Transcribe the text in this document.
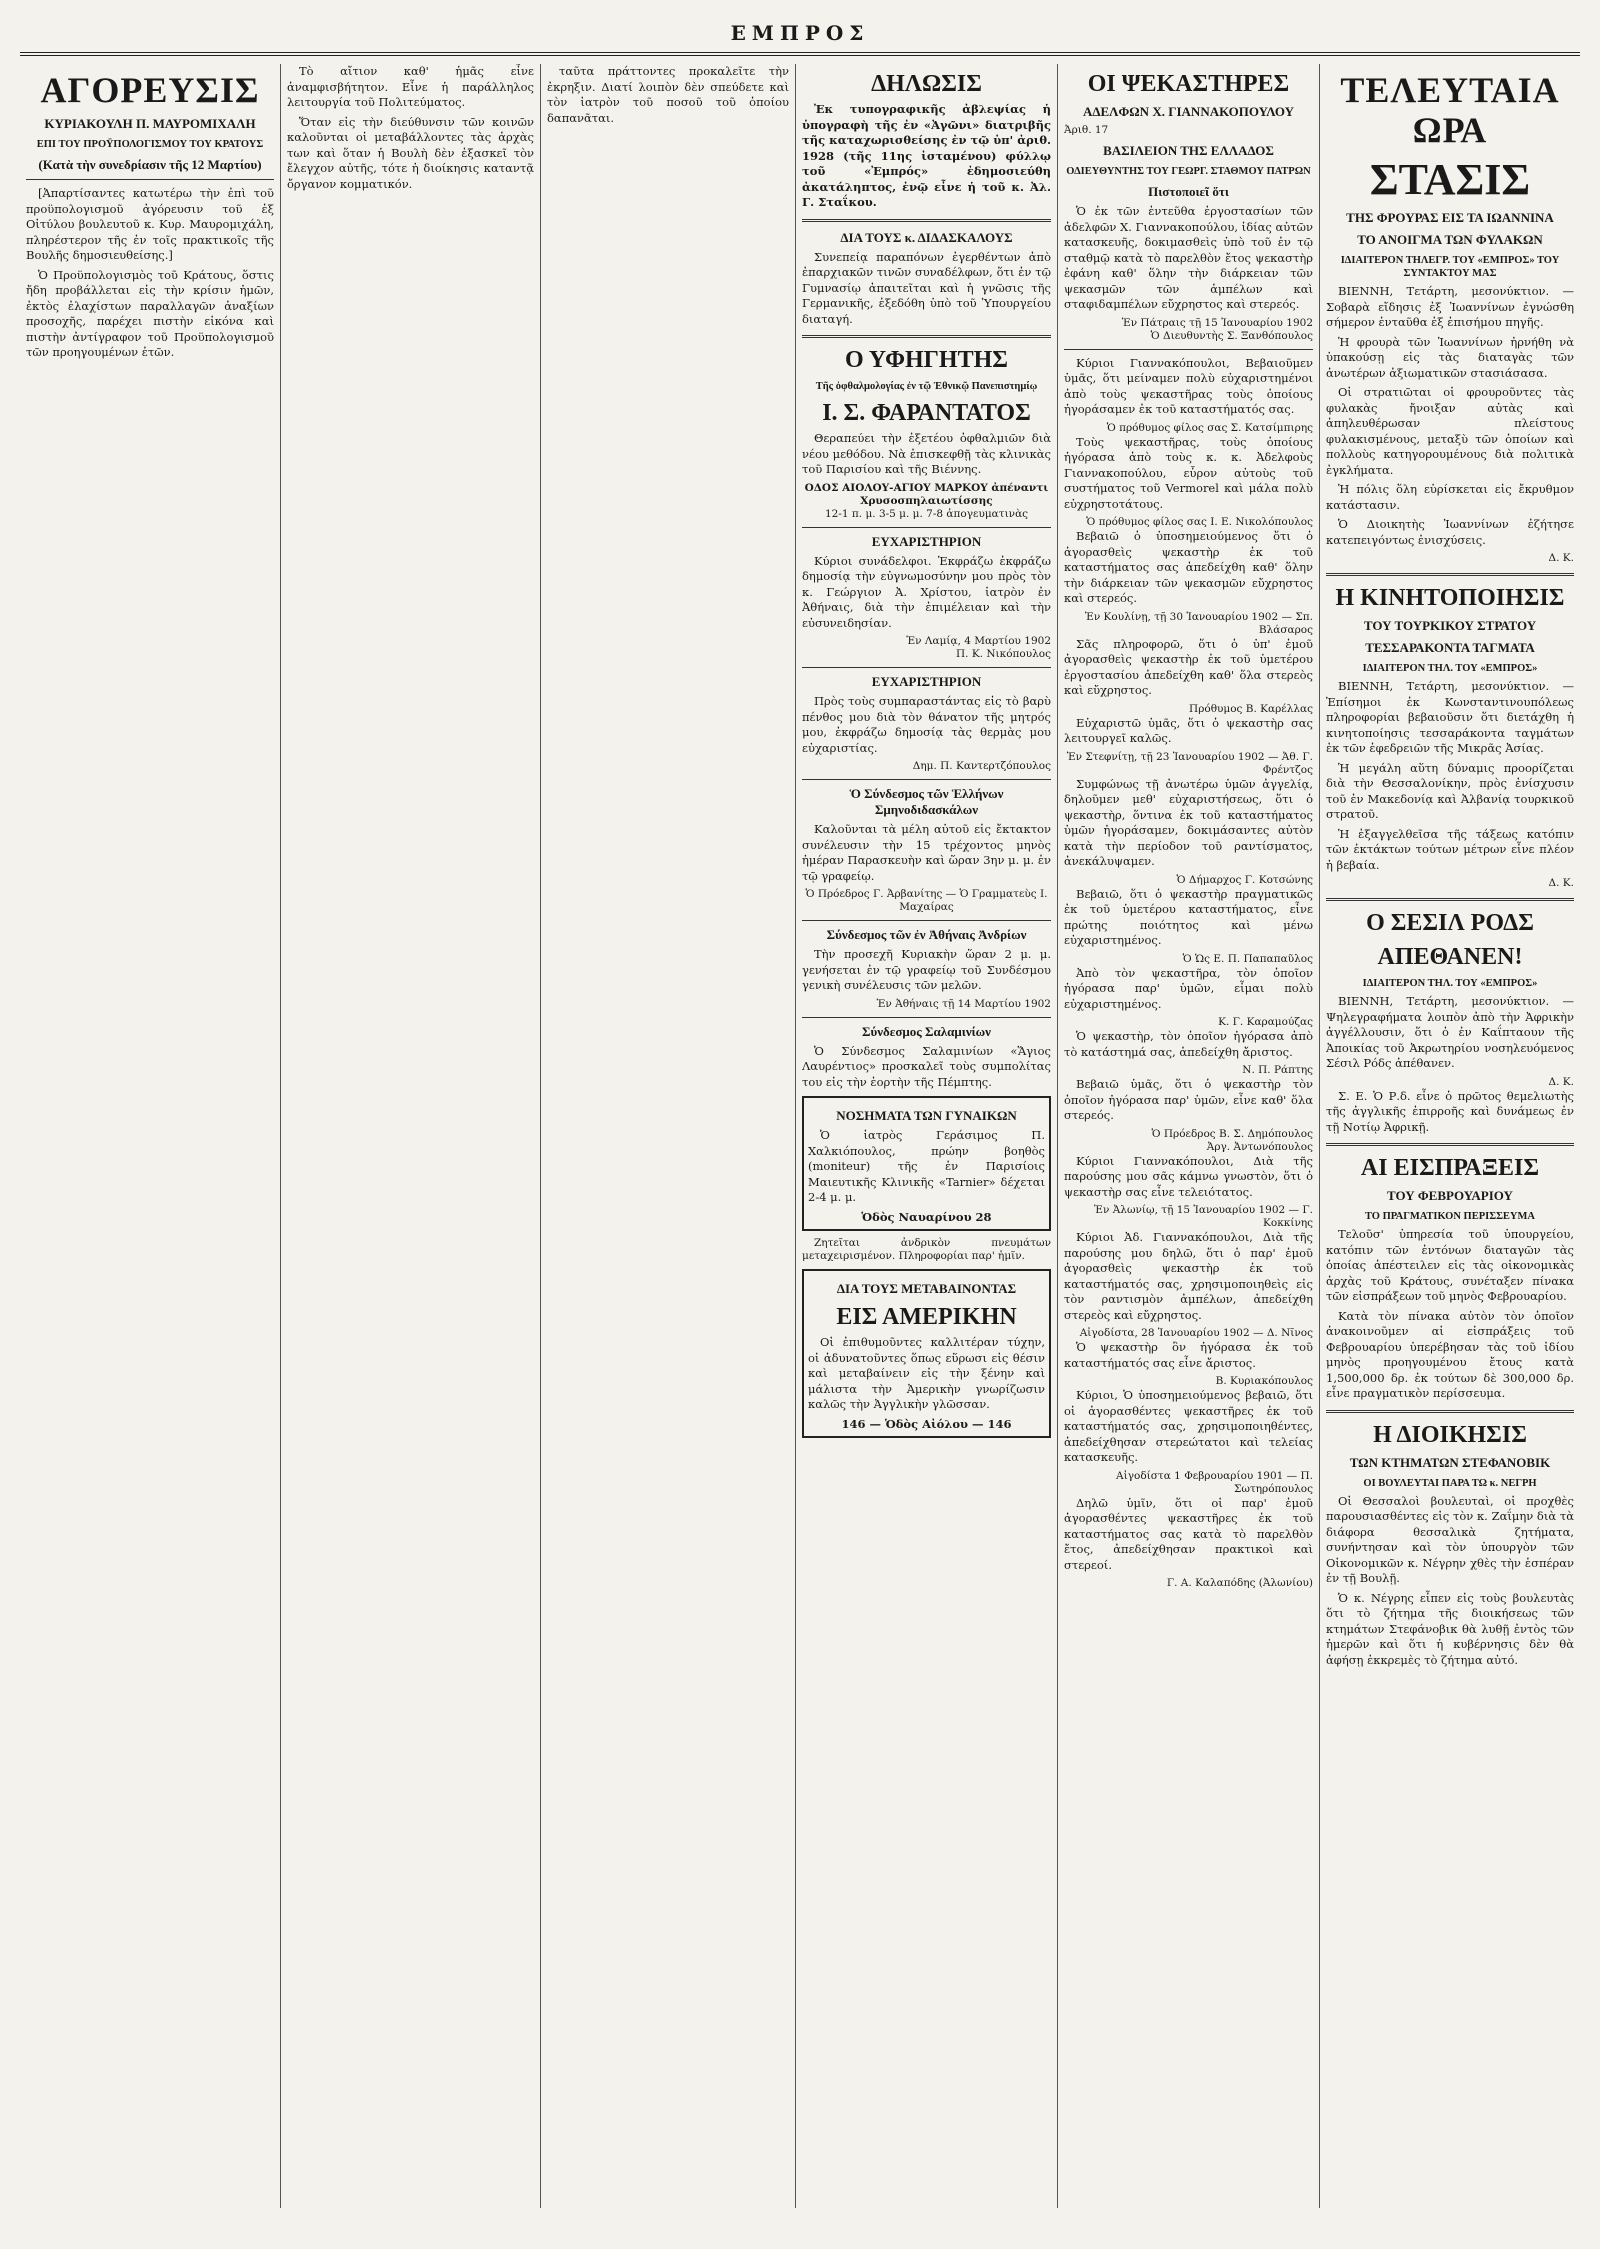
ΕΜΠΡΟΣ
ΑΓΟΡΕΥΣΙΣ
ΚΥΡΙΑΚΟΥΛΗ Π. ΜΑΥΡΟΜΙΧΑΛΗ
ΕΠΙ ΤΟΥ ΠΡΟΫΠΟΛΟΓΙΣΜΟΥ ΤΟΥ ΚΡΑΤΟΥΣ
(Κατὰ τὴν συνεδρίασιν τῆς 12 Μαρτίου)

[Ἀπαρτίσαντες κατωτέρω τὴν ἐπὶ τοῦ προϋπολογισμοῦ ἀγόρευσιν τοῦ ἐξ Οἰτύλου βουλευτοῦ κ. Κυρ. Μαυρομιχάλη, πληρέστερον τῆς ἐν τοῖς πρακτικοῖς τῆς Βουλῆς δημοσιευθείσης.]

Ὁ Προϋπολογισμὸς τοῦ Κράτους, ὅστις ἤδη προβάλλεται εἰς τὴν κρίσιν ἡμῶν, ἐκτὸς ἐλαχίστων παραλλαγῶν ἀναξίων προσοχῆς, παρέχει πιστὴν εἰκόνα καὶ πιστὴν ἀντίγραφον τοῦ Προϋπολογισμοῦ τῶν προηγουμένων ἐτῶν.

Τὸ αἴτιον καθ' ἡμᾶς εἶνε ἀναμφισβήτητον. Εἶνε ἡ παράλληλος λειτουργία τοῦ Πολιτεύματος.

Ὅταν εἰς τὴν διεύθυνσιν τῶν κοινῶν καλοῦνται οἱ μεταβάλλοντες τὰς ἀρχὰς των καὶ ὅταν ἡ Βουλὴ δὲν ἐξασκεῖ τὸν ἔλεγχον αὐτῆς, τότε ἡ διοίκησις καταντᾷ ὄργανον κομματικόν.

ταῦτα πράττοντες προκαλεῖτε τὴν ἐκρηξιν. Διατί λοιπὸν δὲν σπεύδετε καὶ τὸν ἰατρὸν τοῦ ποσοῦ τοῦ ὁποίου δαπανᾶται.

ΔΗΛΩΣΙΣ

Ἐκ τυπογραφικῆς ἀβλεψίας ἡ ὑπογραφὴ τῆς ἐν «Ἀγῶνι» διατριβῆς τῆς καταχωρισθείσης ἐν τῷ ὑπ' ἀριθ. 1928 (τῆς 11ης ἰσταμένου) φύλλῳ τοῦ «Ἐμπρός» ἐδημοσιεύθη ἀκατάληπτος, ἐνῷ εἶνε ἡ τοῦ κ. Ἀλ. Γ. Σταΐκου.

ΔΙΑ ΤΟΥΣ κ. ΔΙΔΑΣΚΑΛΟΥΣ

Συνεπείᾳ παραπόνων ἐγερθέντων ἀπὸ ἐπαρχιακῶν τινῶν συναδέλφων, ὅτι ἐν τῷ Γυμνασίῳ ἀπαιτεῖται καὶ ἡ γνῶσις τῆς Γερμανικῆς, ἐξεδόθη ὑπὸ τοῦ Ὑπουργείου διαταγή.

Ο ΥΦΗΓΗΤΗΣ
Τῆς ὀφθαλμολογίας ἐν τῷ Ἐθνικῷ Πανεπιστημίῳ
Ι. Σ. ΦΑΡΑΝΤΑΤΟΣ

Θεραπεύει τὴν ἐξετέου ὀφθαλμιῶν διὰ νέου μεθόδου. Νὰ ἐπισκεφθῇ τὰς κλινικὰς τοῦ Παρισίου καὶ τῆς Βιέννης.

ΟΔΟΣ ΑΙΟΛΟΥ-ΑΓΙΟΥ ΜΑΡΚΟΥ ἀπέναντι Χρυσοσπηλαιωτίσσης
12-1 π. μ. 3-5 μ. μ. 7-8 ἀπογευματινὰς
ΕΥΧΑΡΙΣΤΗΡΙΟΝ

Κύριοι συνάδελφοι. Ἐκφράζω ἐκφράζω δημοσίᾳ τὴν εὐγνωμοσύνην μου πρὸς τὸν κ. Γεώργιον Ἀ. Χρίστου, ἰατρὸν ἐν Ἀθήναις, διὰ τὴν ἐπιμέλειαν καὶ τὴν εὐσυνειδησίαν.

Ἐν Λαμίᾳ, 4 Μαρτίου 1902
Π. Κ. Νικόπουλος
ΕΥΧΑΡΙΣΤΗΡΙΟΝ

Πρὸς τοὺς συμπαραστάντας εἰς τὸ βαρὺ πένθος μου διὰ τὸν θάνατον τῆς μητρός μου, ἐκφράζω δημοσίᾳ τὰς θερμὰς μου εὐχαριστίας.

Δημ. Π. Καντερτζόπουλος
Ὁ Σύνδεσμος τῶν Ἑλλήνων Σμηνοδιδασκάλων

Καλοῦνται τὰ μέλη αὐτοῦ εἰς ἔκτακτον συνέλευσιν τὴν 15 τρέχοντος μηνὸς ἡμέραν Παρασκευὴν καὶ ὥραν 3ην μ. μ. ἐν τῷ γραφείῳ.

Ὁ Πρόεδρος Γ. Ἀρβανίτης — Ὁ Γραμματεὺς Ι. Μαχαίρας
Σύνδεσμος τῶν ἐν Ἀθήναις Ἀνδρίων

Τὴν προσεχῆ Κυριακὴν ὥραν 2 μ. μ. γενήσεται ἐν τῷ γραφείῳ τοῦ Συνδέσμου γενικὴ συνέλευσις τῶν μελῶν.

Ἐν Ἀθήναις τῇ 14 Μαρτίου 1902
Σύνδεσμος Σαλαμινίων

Ὁ Σύνδεσμος Σαλαμινίων «Ἅγιος Λαυρέντιος» προσκαλεῖ τοὺς συμπολίτας του εἰς τὴν ἐορτὴν τῆς Πέμπτης.

ΝΟΣΗΜΑΤΑ ΤΩΝ ΓΥΝΑΙΚΩΝ

Ὁ ἰατρὸς Γεράσιμος Π. Χαλκιόπουλος, πρώην βοηθὸς (moniteur) τῆς ἐν Παρισίοις Μαιευτικῆς Κλινικῆς «Tarnier» δέχεται 2-4 μ. μ.

Ὁδὸς Ναυαρίνου 28

Ζητεῖται ἀνδρικὸν πνευμάτων μεταχειρισμένον. Πληροφορίαι παρ' ἡμῖν.

ΔΙΑ ΤΟΥΣ ΜΕΤΑΒΑΙΝΟΝΤΑΣ
ΕΙΣ ΑΜΕΡΙΚΗΝ

Οἱ ἐπιθυμοῦντες καλλιτέραν τύχην, οἱ ἀδυνατοῦντες ὅπως εὕρωσι εἰς θέσιν καὶ μεταβαίνειν εἰς τὴν ξένην καὶ μάλιστα τὴν Ἀμερικὴν γνωρίζωσιν καλῶς τὴν Ἀγγλικὴν γλῶσσαν.

146 — Ὁδὸς Αἰόλου — 146
ΟΙ ΨΕΚΑΣΤΗΡΕΣ
ΑΔΕΛΦΩΝ Χ. ΓΙΑΝΝΑΚΟΠΟΥΛΟΥ
Ἀριθ. 17
ΒΑΣΙΛΕΙΟΝ ΤΗΣ ΕΛΛΑΔΟΣ
ΟΔΙΕΥΘΥΝΤΗΣ ΤΟΥ ΓΕΩΡΓ. ΣΤΑΘΜΟΥ ΠΑΤΡΩΝ
Πιστοποιεῖ ὅτι

Ὁ ἐκ τῶν ἐντεῦθα ἐργοστασίων τῶν ἀδελφῶν Χ. Γιαννακοπούλου, ἰδίας αὐτῶν κατασκευῆς, δοκιμασθεὶς ὑπὸ τοῦ ἐν τῷ σταθμῷ κατὰ τὸ παρελθὸν ἔτος ψεκαστὴρ ἐφάνη καθ' ὅλην τὴν διάρκειαν τῶν ψεκασμῶν τῶν ἀμπέλων καὶ σταφιδαμπέλων εὔχρηστος καὶ στερεός.

Ἐν Πάτραις τῇ 15 Ἰανουαρίου 1902
Ὁ Διευθυντὴς Σ. Ξανθόπουλος

Κύριοι Γιαννακόπουλοι, Βεβαιοῦμεν ὑμᾶς, ὅτι μείναμεν πολὺ εὐχαριστημένοι ἀπὸ τοὺς ψεκαστῆρας τοὺς ὁποίους ἠγοράσαμεν ἐκ τοῦ καταστήματός σας.

Ὁ πρόθυμος φίλος σας Σ. Κατσίμπιρης

Τοὺς ψεκαστῆρας, τοὺς ὁποίους ἠγόρασα ἀπὸ τοὺς κ. κ. Ἀδελφοὺς Γιαννακοπούλου, εὗρον αὐτοὺς τοῦ συστήματος τοῦ Vermorel καὶ μάλα πολὺ εὐχρηστοτάτους.

Ὁ πρόθυμος φίλος σας Ι. Ε. Νικολόπουλος

Βεβαιῶ ὁ ὑποσημειούμενος ὅτι ὁ ἀγορασθεὶς ψεκαστὴρ ἐκ τοῦ καταστήματος σας ἀπεδείχθη καθ' ὅλην τὴν διάρκειαν τῶν ψεκασμῶν εὔχρηστος καὶ στερεός.

Ἐν Κουλίνῃ, τῇ 30 Ἰανουαρίου 1902 — Σπ. Βλάσαρος

Σᾶς πληροφορῶ, ὅτι ὁ ὑπ' ἐμοῦ ἀγορασθεὶς ψεκαστὴρ ἐκ τοῦ ὑμετέρου ἐργοστασίου ἀπεδείχθη καθ' ὅλα στερεὸς καὶ εὔχρηστος.

Πρόθυμος Β. Καρέλλας

Εὐχαριστῶ ὑμᾶς, ὅτι ὁ ψεκαστὴρ σας λειτουργεῖ καλῶς.

Ἐν Στεφνίτῃ, τῇ 23 Ἰανουαρίου 1902 — Ἀθ. Γ. Φρέντζος

Συμφώνως τῇ ἀνωτέρω ὑμῶν ἀγγελίᾳ, δηλοῦμεν μεθ' εὐχαριστήσεως, ὅτι ὁ ψεκαστὴρ, ὅντινα ἐκ τοῦ καταστήματος ὑμῶν ἠγοράσαμεν, δοκιμάσαντες αὐτὸν κατὰ τὴν περίοδον τοῦ ραντίσματος, ἀνεκάλυψαμεν.

Ὁ Δήμαρχος Γ. Κοτσώνης

Βεβαιῶ, ὅτι ὁ ψεκαστὴρ πραγματικῶς ἐκ τοῦ ὑμετέρου καταστήματος, εἶνε πρώτης ποιότητος καὶ μένω εὐχαριστημένος.

Ὁ Ὡς Ε. Π. Παπαπαῦλος

Ἀπὸ τὸν ψεκαστῆρα, τὸν ὁποῖον ἠγόρασα παρ' ὑμῶν, εἶμαι πολὺ εὐχαριστημένος.

Κ. Γ. Καραμούζας

Ὁ ψεκαστὴρ, τὸν ὁποῖον ἠγόρασα ἀπὸ τὸ κατάστημά σας, ἀπεδείχθη ἄριστος.

Ν. Π. Ράπτης

Βεβαιῶ ὑμᾶς, ὅτι ὁ ψεκαστὴρ τὸν ὁποῖον ἠγόρασα παρ' ὑμῶν, εἶνε καθ' ὅλα στερεός.

Ὁ Πρόεδρος Β. Σ. Δημόπουλος
Ἀργ. Ἀντωνόπουλος

Κύριοι Γιαννακόπουλοι, Διὰ τῆς παρούσης μου σᾶς κάμνω γνωστὸν, ὅτι ὁ ψεκαστὴρ σας εἶνε τελειότατος.

Ἐν Ἀλωνίῳ, τῇ 15 Ἰανουαρίου 1902 — Γ. Κοκκίνης

Κύριοι Ἀδ. Γιαννακόπουλοι, Διὰ τῆς παρούσης μου δηλῶ, ὅτι ὁ παρ' ἐμοῦ ἀγορασθεὶς ψεκαστὴρ ἐκ τοῦ καταστήματός σας, χρησιμοποιηθεὶς εἰς τὸν ραντισμὸν ἀμπέλων, ἀπεδείχθη στερεὸς καὶ εὔχρηστος.

Αἰγοδίστα, 28 Ἰανουαρίου 1902 — Δ. Νῖνος

Ὁ ψεκαστὴρ ὃν ἠγόρασα ἐκ τοῦ καταστήματός σας εἶνε ἄριστος.

Β. Κυριακόπουλος

Κύριοι, Ὁ ὑποσημειούμενος βεβαιῶ, ὅτι οἱ ἀγορασθέντες ψεκαστῆρες ἐκ τοῦ καταστήματός σας, χρησιμοποιηθέντες, ἀπεδείχθησαν στερεώτατοι καὶ τελείας κατασκευῆς.

Αἰγοδίστα 1 Φεβρουαρίου 1901 — Π. Σωτηρόπουλος

Δηλῶ ὑμῖν, ὅτι οἱ παρ' ἐμοῦ ἀγορασθέντες ψεκαστῆρες ἐκ τοῦ καταστήματος σας κατὰ τὸ παρελθὸν ἔτος, ἀπεδείχθησαν πρακτικοὶ καὶ στερεοί.

Γ. Α. Καλαπόδης (Ἀλωνίου)
ΤΕΛΕΥΤΑΙΑ ΩΡΑ
ΣΤΑΣΙΣ
ΤΗΣ ΦΡΟΥΡΑΣ ΕΙΣ ΤΑ ΙΩΑΝΝΙΝΑ
ΤΟ ΑΝΟΙΓΜΑ ΤΩΝ ΦΥΛΑΚΩΝ
ΙΔΙΑΙΤΕΡΟΝ ΤΗΛΕΓΡ. ΤΟΥ «ΕΜΠΡΟΣ» ΤΟΥ ΣΥΝΤΑΚΤΟΥ ΜΑΣ

ΒΙΕΝΝΗ, Τετάρτη, μεσονύκτιον. — Σοβαρὰ εἴδησις ἐξ Ἰωαννίνων ἐγνώσθη σήμερον ἐνταῦθα ἐξ ἐπισήμου πηγῆς.

Ἡ φρουρὰ τῶν Ἰωαννίνων ἠρνήθη νὰ ὑπακούσῃ εἰς τὰς διαταγὰς τῶν ἀνωτέρων ἀξιωματικῶν στασιάσασα.

Οἱ στρατιῶται οἱ φρουροῦντες τὰς φυλακὰς ἤνοιξαν αὐτὰς καὶ ἀπηλευθέρωσαν πλείστους φυλακισμένους, μεταξὺ τῶν ὁποίων καὶ πολλοὺς κατηγορουμένους διὰ πολιτικὰ ἐγκλήματα.

Ἡ πόλις ὅλη εὑρίσκεται εἰς ἔκρυθμον κατάστασιν.

Ὁ Διοικητὴς Ἰωαννίνων ἐζήτησε κατεπειγόντως ἐνισχύσεις.

Δ. Κ.
Η ΚΙΝΗΤΟΠΟΙΗΣΙΣ
ΤΟΥ ΤΟΥΡΚΙΚΟΥ ΣΤΡΑΤΟΥ
ΤΕΣΣΑΡΑΚΟΝΤΑ ΤΑΓΜΑΤΑ
ΙΔΙΑΙΤΕΡΟΝ ΤΗΛ. ΤΟΥ «ΕΜΠΡΟΣ»

ΒΙΕΝΝΗ, Τετάρτη, μεσονύκτιον. — Ἐπίσημοι ἐκ Κωνσταντινουπόλεως πληροφορίαι βεβαιοῦσιν ὅτι διετάχθη ἡ κινητοποίησις τεσσαράκοντα ταγμάτων ἐκ τῶν ἐφεδρειῶν τῆς Μικρᾶς Ἀσίας.

Ἡ μεγάλη αὕτη δύναμις προορίζεται διὰ τὴν Θεσσαλονίκην, πρὸς ἐνίσχυσιν τοῦ ἐν Μακεδονίᾳ καὶ Ἀλβανίᾳ τουρκικοῦ στρατοῦ.

Ἡ ἐξαγγελθεῖσα τῆς τάξεως κατόπιν τῶν ἐκτάκτων τούτων μέτρων εἶνε πλέον ἡ βεβαία.

Δ. Κ.
Ο ΣΕΣΙΛ ΡΟΔΣ
ΑΠΕΘΑΝΕΝ!
ΙΔΙΑΙΤΕΡΟΝ ΤΗΛ. ΤΟΥ «ΕΜΠΡΟΣ»

ΒΙΕΝΝΗ, Τετάρτη, μεσονύκτιον. — Ψηλεγραφήματα λοιπὸν ἀπὸ τὴν Ἀφρικὴν ἀγγέλλουσιν, ὅτι ὁ ἐν Καΐπταουν τῆς Ἀποικίας τοῦ Ἀκρωτηρίου νοσηλευόμενος Σέσιλ Ρόδς ἀπέθανεν.

Δ. Κ.

Σ. Ε. Ὁ Ρ.δ. εἶνε ὁ πρῶτος θεμελιωτὴς τῆς ἀγγλικῆς ἐπιρροῆς καὶ δυνάμεως ἐν τῇ Νοτίῳ Ἀφρικῇ.

ΑΙ ΕΙΣΠΡΑΞΕΙΣ
ΤΟΥ ΦΕΒΡΟΥΑΡΙΟΥ
ΤΟ ΠΡΑΓΜΑΤΙΚΟΝ ΠΕΡΙΣΣΕΥΜΑ

Τελοῦσ' ὑπηρεσία τοῦ ὑπουργείου, κατόπιν τῶν ἐντόνων διαταγῶν τὰς ὁποίας ἀπέστειλεν εἰς τὰς οἰκονομικὰς ἀρχὰς τοῦ Κράτους, συνέταξεν πίνακα τῶν εἰσπράξεων τοῦ μηνὸς Φεβρουαρίου.

Κατὰ τὸν πίνακα αὐτὸν τὸν ὁποῖον ἀνακοινοῦμεν αἱ εἰσπράξεις τοῦ Φεβρουαρίου ὑπερέβησαν τὰς τοῦ ἰδίου μηνὸς προηγουμένου ἔτους κατὰ 1,500,000 δρ. ἐκ τούτων δὲ 300,000 δρ. εἶνε πραγματικὸν περίσσευμα.

Η ΔΙΟΙΚΗΣΙΣ
ΤΩΝ ΚΤΗΜΑΤΩΝ ΣΤΕΦΑΝΟΒΙΚ
ΟΙ ΒΟΥΛΕΥΤΑΙ ΠΑΡΑ ΤΩ κ. ΝΕΓΡΗ

Οἱ Θεσσαλοὶ βουλευταὶ, οἱ προχθὲς παρουσιασθέντες εἰς τὸν κ. Ζαΐμην διὰ τὰ διάφορα θεσσαλικὰ ζητήματα, συνήντησαν καὶ τὸν ὑπουργὸν τῶν Οἰκονομικῶν κ. Νέγρην χθὲς τὴν ἑσπέραν ἐν τῇ Βουλῇ.

Ὁ κ. Νέγρης εἶπεν εἰς τοὺς βουλευτὰς ὅτι τὸ ζήτημα τῆς διοικήσεως τῶν κτημάτων Στεφάνοβικ θὰ λυθῇ ἐντὸς τῶν ἡμερῶν καὶ ὅτι ἡ κυβέρνησις δὲν θὰ ἀφήσῃ ἐκκρεμὲς τὸ ζήτημα αὐτό.
